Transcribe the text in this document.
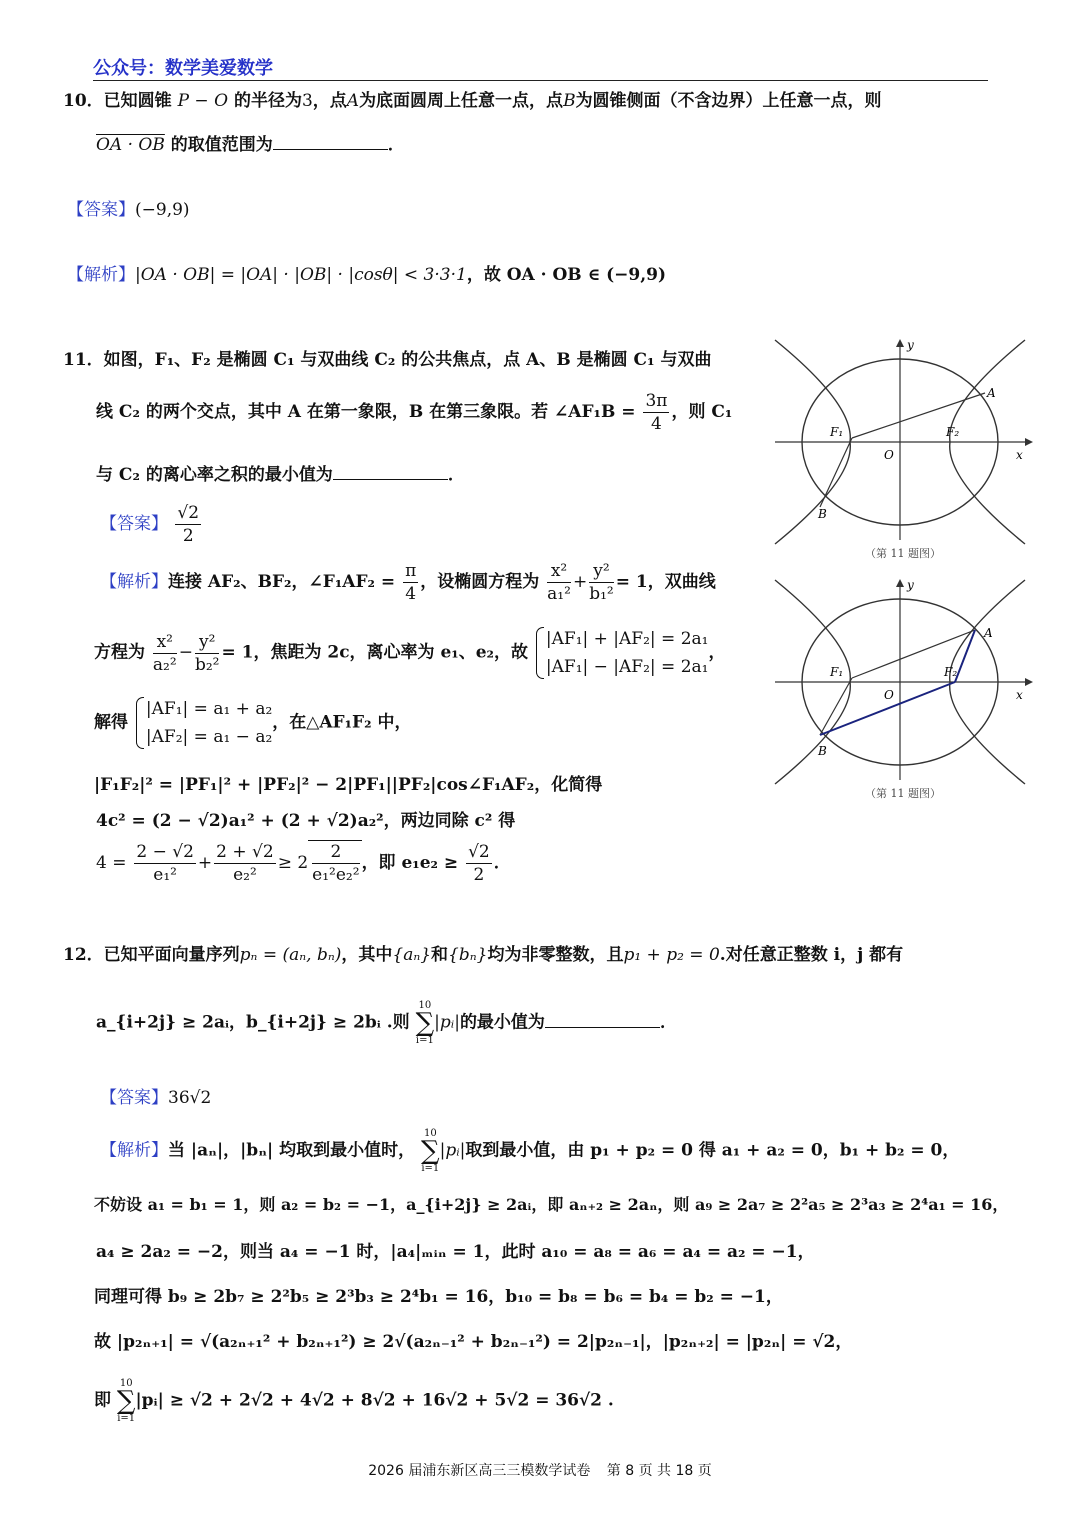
公众号：数学美爱数学
10．已知圆锥 P − O 的半径为3，点A为底面圆周上任意一点，点B为圆锥侧面（不含边界）上任意一点，则
OA · OB 的取值范围为	．
【答案】(−9,9)
【解析】|OA · OB| = |OA| · |OB| · |cosθ| < 3·3·1，故 OA · OB ∈ (−9,9)
11．如图，F₁、F₂ 是椭圆 C₁ 与双曲线 C₂ 的公共焦点，点 A、B 是椭圆 C₁ 与双曲
线 C₂ 的两个交点，其中 A 在第一象限，B 在第三象限。若 ∠AF₁B = $\frac{3\pi}{4}$ ，则 C₁
与 C₂ 的离心率之积的最小值为	．
【答案】 $\frac{√2}{2}$
【解析】连接 AF₂、BF₂，∠F₁AF₂ = $\frac{\pi}{4}$ ，设椭圆方程为 $\frac{\text{x²}}{\text{a₁²}} + \frac{\text{y²}}{\text{b₁²}} = 1$，双曲线
方程为 $\frac{\text{x²}}{\text{a₂²}} - \frac{\text{y²}}{\text{b₂²}} = 1$，焦距为 2c，离心率为 e₁、e₂，故
|AF₁| + |AF₂| = 2a₁
|AF₁| − |AF₂| = 2a₁
，
解得
|AF₁| = a₁ + a₂
|AF₂| = a₁ − a₂
，在△AF₁F₂ 中，
|F₁F₂|² = |PF₁|² + |PF₂|² − 2|PF₁||PF₂|cos∠F₁AF₂，化简得
4c² = (2 − √2)a₁² + (2 + √2)a₂²，两边同除 c² 得
$4 = \frac{2 - √2}{\text{e₁²}} + \frac{2 + √2}{\text{e₂²}} \ge 2 \frac{2}{\text{e₁²e₂²}}$ ，即 $e_1e_2 \ge \frac{√2}{2}$ ．
y
x
O
A
B
F₁	F₂
（第 11 题图）
y
x
O
A
B
F₁	F₂
（第 11 题图）
12．已知平面向量序列pₙ = (aₙ, bₙ)，其中{aₙ}和{bₙ}均为非零整数，且p₁ + p₂ = 0.对任意正整数 i，j 都有
a_{i+2j} ≥ 2aᵢ，b_{i+2j} ≥ 2bᵢ .则
10
∑
i=1
|pᵢ|的最小值为	．
【答案】36√2
【解析】当 |aₙ|，|bₙ| 均取到最小值时，
10
∑
i=1
|pᵢ|取到最小值，由 p₁ + p₂ = 0 得 a₁ + a₂ = 0，b₁ + b₂ = 0，
不妨设 a₁ = b₁ = 1，则 a₂ = b₂ = −1，a_{i+2j} ≥ 2aᵢ，即 aₙ₊₂ ≥ 2aₙ，则 a₉ ≥ 2a₇ ≥ 2²a₅ ≥ 2³a₃ ≥ 2⁴a₁ = 16，
a₄ ≥ 2a₂ = −2，则当 a₄ = −1 时，|a₄|ₘᵢₙ = 1，此时 a₁₀ = a₈ = a₆ = a₄ = a₂ = −1，
同理可得 b₉ ≥ 2b₇ ≥ 2²b₅ ≥ 2³b₃ ≥ 2⁴b₁ = 16，b₁₀ = b₈ = b₆ = b₄ = b₂ = −1，
故 |p₂ₙ₊₁| = √(a₂ₙ₊₁² + b₂ₙ₊₁²) ≥ 2√(a₂ₙ₋₁² + b₂ₙ₋₁²) = 2|p₂ₙ₋₁|，|p₂ₙ₊₂| = |p₂ₙ| = √2，
即
10
∑
i=1
|pᵢ| ≥ √2 + 2√2 + 4√2 + 8√2 + 16√2 + 5√2 = 36√2 .
2026 届浦东新区高三三模数学试卷 第 8 页 共 18 页
